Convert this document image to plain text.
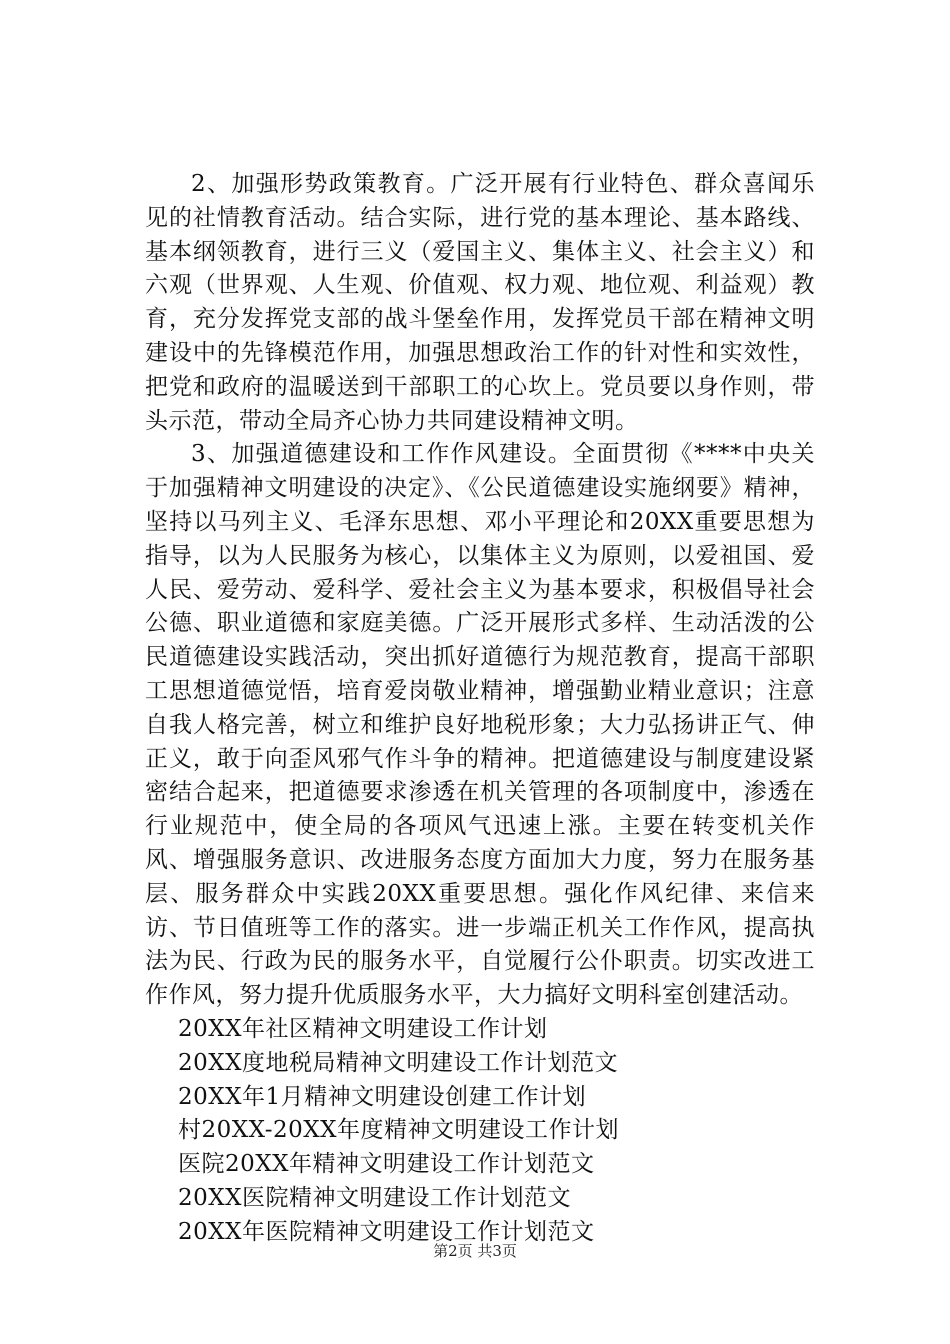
2、加强形势政策教育。广泛开展有行业特色、群众喜闻乐见的社情教育活动。结合实际，进行党的基本理论、基本路线、基本纲领教育，进行三义（爱国主义、集体主义、社会主义）和六观（世界观、人生观、价值观、权力观、地位观、利益观）教育，充分发挥党支部的战斗堡垒作用，发挥党员干部在精神文明建设中的先锋模范作用，加强思想政治工作的针对性和实效性，把党和政府的温暖送到干部职工的心坎上。党员要以身作则，带头示范，带动全局齐心协力共同建设精神文明。

3、加强道德建设和工作作风建设。全面贯彻《****中央关于加强精神文明建设的决定》、《公民道德建设实施纲要》精神，坚持以马列主义、毛泽东思想、邓小平理论和20XX重要思想为指导，以为人民服务为核心，以集体主义为原则，以爱祖国、爱人民、爱劳动、爱科学、爱社会主义为基本要求，积极倡导社会公德、职业道德和家庭美德。广泛开展形式多样、生动活泼的公民道德建设实践活动，突出抓好道德行为规范教育，提高干部职工思想道德觉悟，培育爱岗敬业精神，增强勤业精业意识；注意自我人格完善，树立和维护良好地税形象；大力弘扬讲正气、伸正义，敢于向歪风邪气作斗争的精神。把道德建设与制度建设紧密结合起来，把道德要求渗透在机关管理的各项制度中，渗透在行业规范中，使全局的各项风气迅速上涨。主要在转变机关作风、增强服务意识、改进服务态度方面加大力度，努力在服务基层、服务群众中实践20XX重要思想。强化作风纪律、来信来访、节日值班等工作的落实。进一步端正机关工作作风，提高执法为民、行政为民的服务水平，自觉履行公仆职责。切实改进工作作风，努力提升优质服务水平，大力搞好文明科室创建活动。

20XX年社区精神文明建设工作计划
20XX度地税局精神文明建设工作计划范文
20XX年1月精神文明建设创建工作计划
村20XX-20XX年度精神文明建设工作计划
医院20XX年精神文明建设工作计划范文
20XX医院精神文明建设工作计划范文
20XX年医院精神文明建设工作计划范文
第2页 共3页
